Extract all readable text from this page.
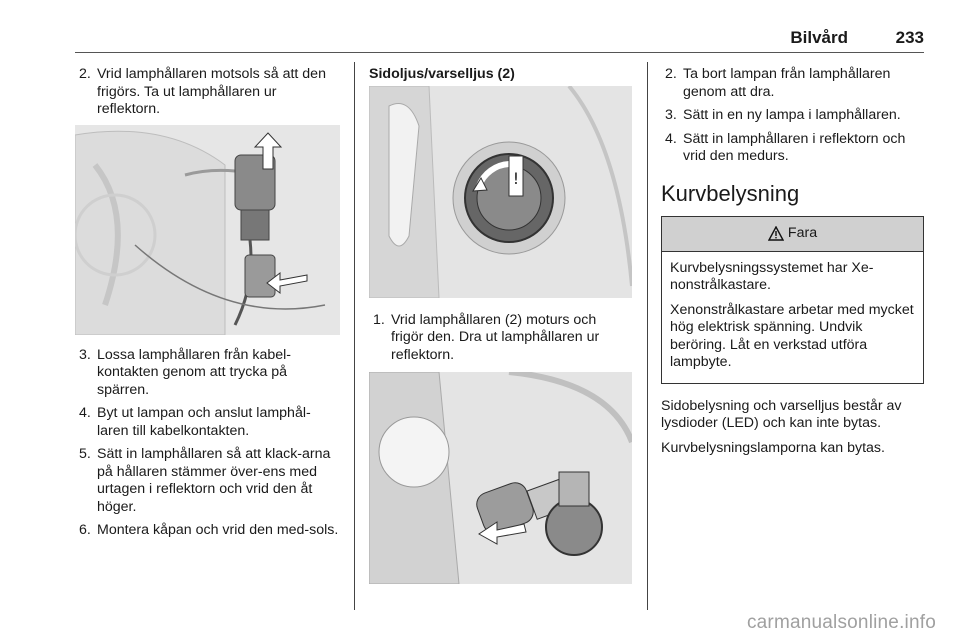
Bilvård	233
2. Vrid lamphållaren motsols så att den frigörs. Ta ut lamphållaren ur reflektorn.
3. Lossa lamphållaren från kabel-kontakten genom att trycka på spärren.
4. Byt ut lampan och anslut lamphål-laren till kabelkontakten.
5. Sätt in lamphållaren så att klack-arna på hållaren stämmer över-ens med urtagen i reflektorn och vrid den åt höger.
6. Montera kåpan och vrid den med-sols.
Sidoljus/varselljus (2)
!
1. Vrid lamphållaren (2) moturs och frigör den. Dra ut lamphållaren ur reflektorn.
2. Ta bort lampan från lamphållaren genom att dra.
3. Sätt in en ny lampa i lamphållaren.
4. Sätt in lamphållaren i reflektorn och vrid den medurs.
Kurvbelysning
Fara

Kurvbelysningssystemet har Xe-nonstrålkastare.

Xenonstrålkastare arbetar med mycket hög elektrisk spänning. Undvik beröring. Låt en verkstad utföra lampbyte.

Sidobelysning och varselljus består av lysdioder (LED) och kan inte bytas.

Kurvbelysningslamporna kan bytas.

carmanualsonline.info
